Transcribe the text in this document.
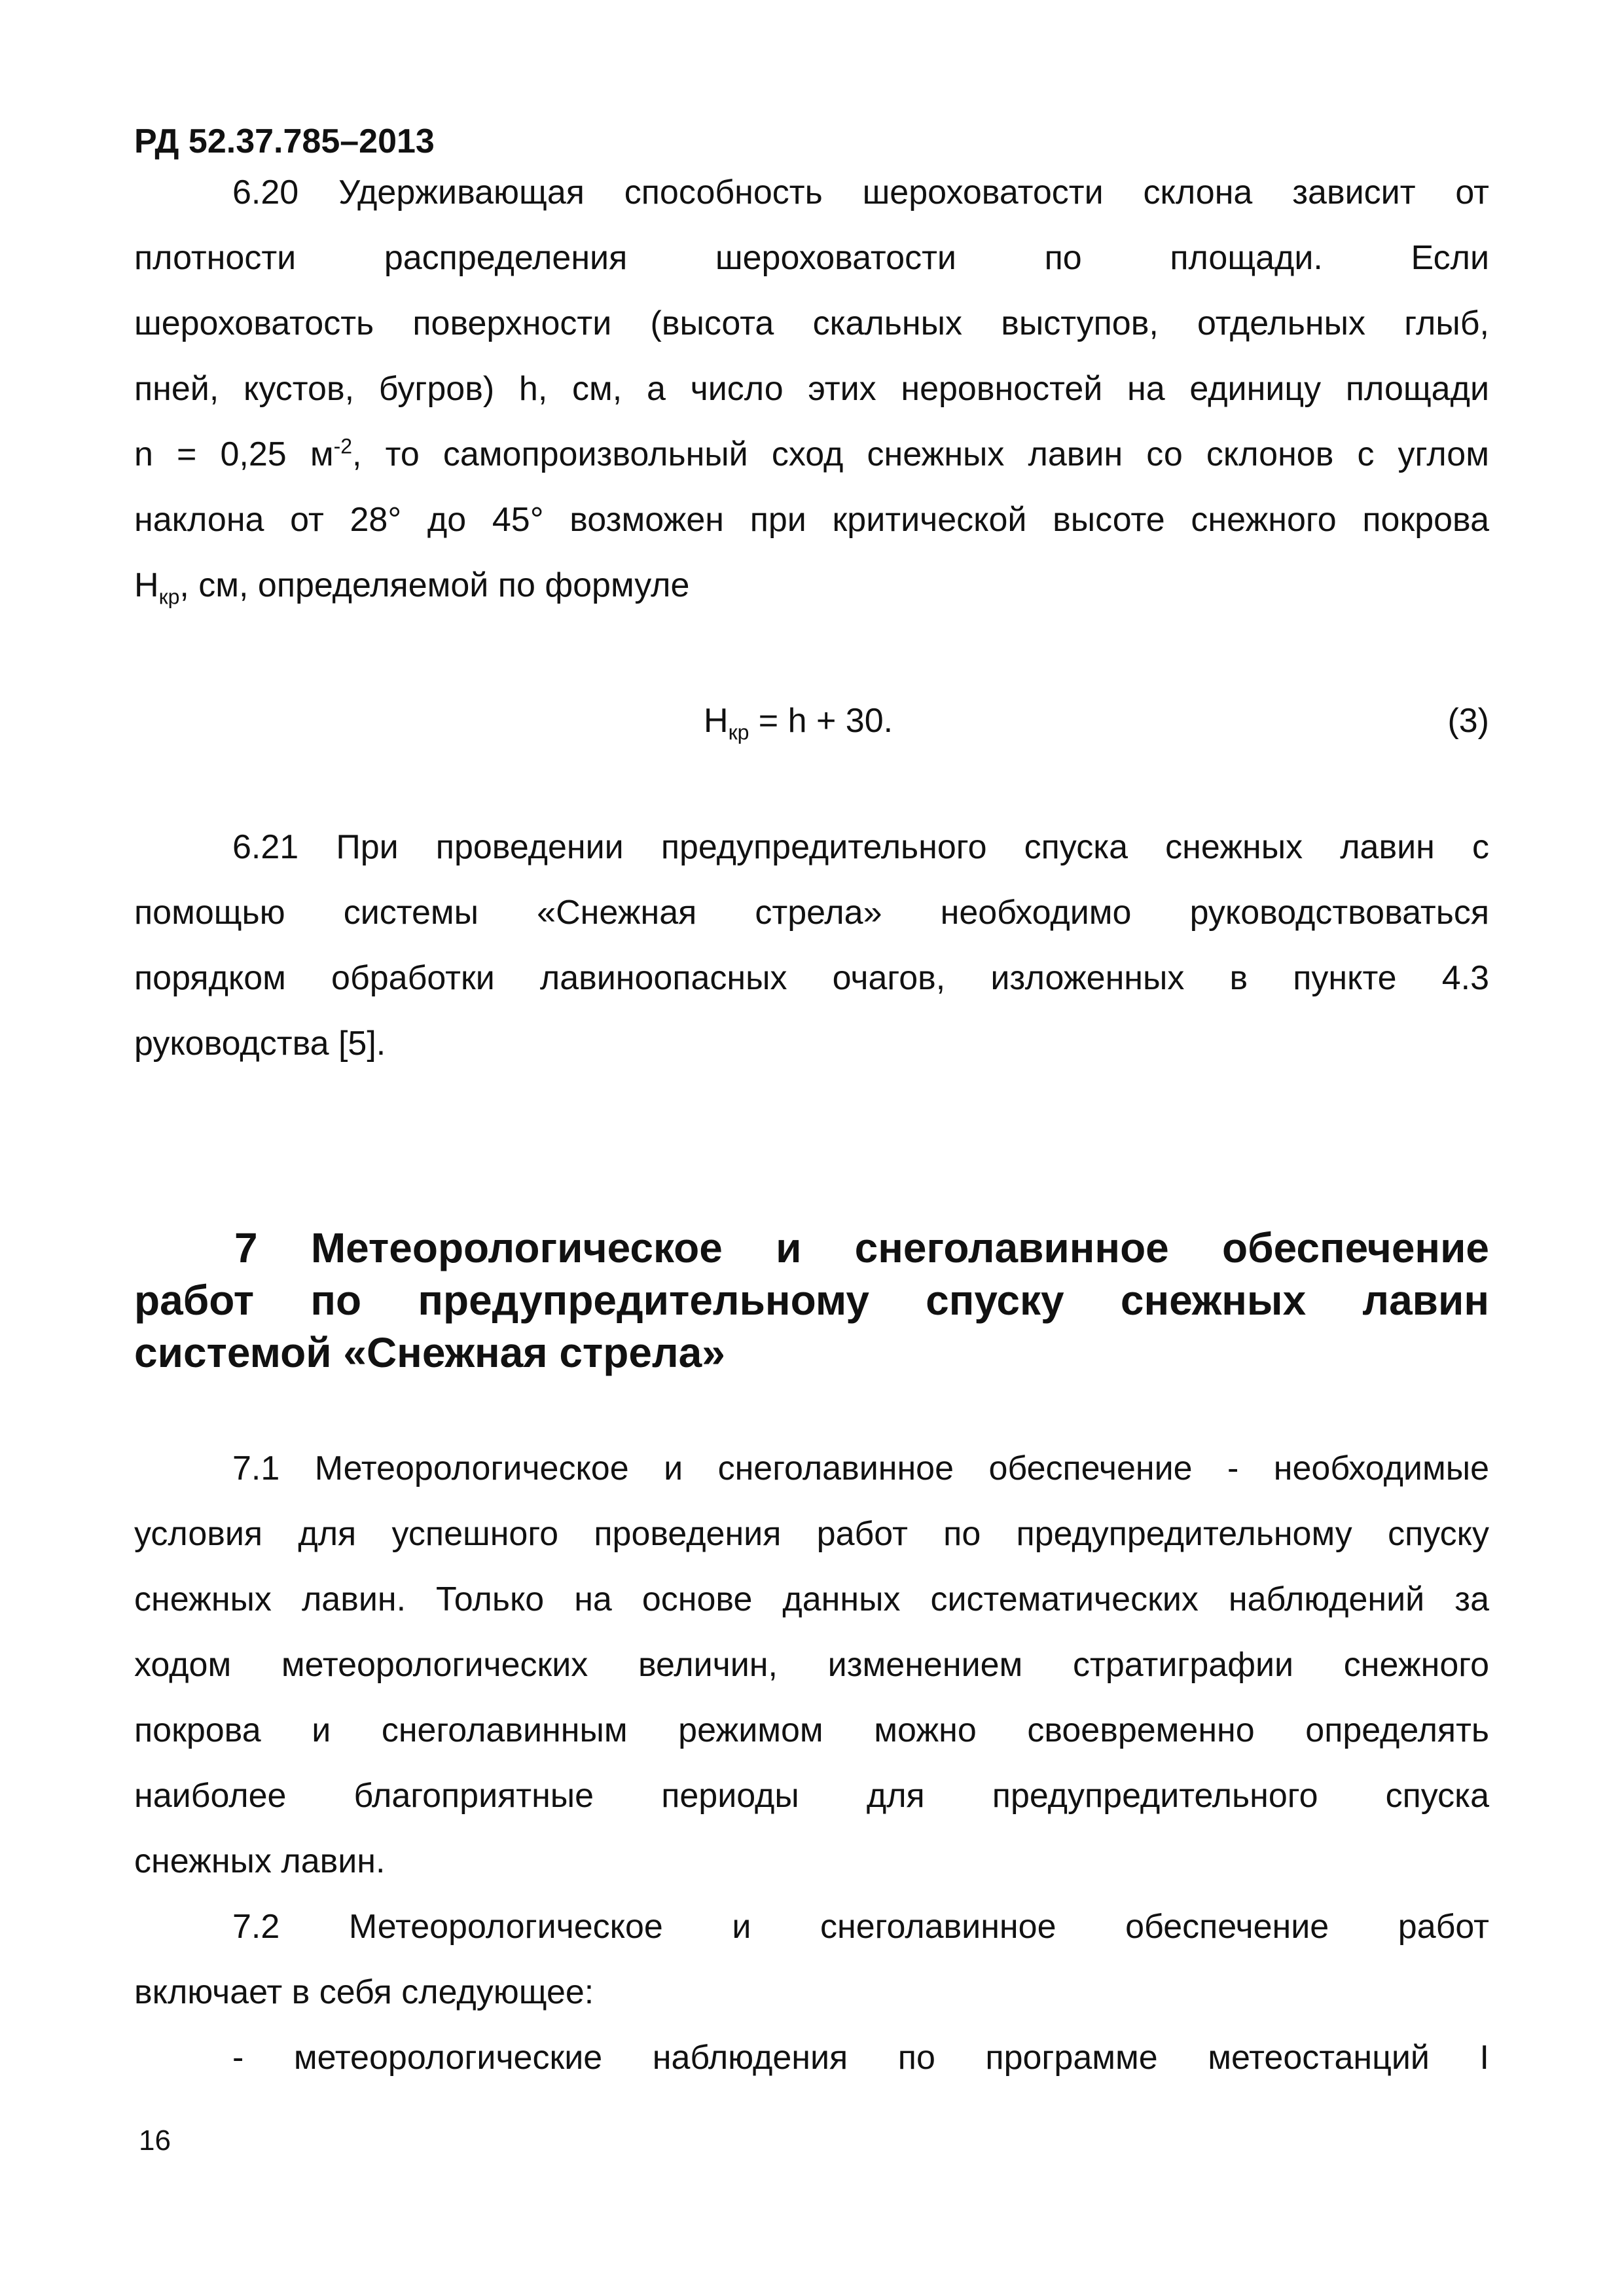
РД 52.37.785–2013
6.20 Удерживающая способность шероховатости склона зависит от
плотности распределения шероховатости по площади. Если
шероховатость поверхности (высота скальных выступов, отдельных глыб,
пней, кустов, бугров) h, см, а число этих неровностей на единицу площади
n = 0,25 $м^{-2}$, то самопроизвольный сход снежных лавин со склонов с углом
наклона от 28° до 45° возможен при критической высоте снежного покрова
$H_{кр}$, см, определяемой по формуле
$H_{кр} = h + 30$.	(3)
6.21 При проведении предупредительного спуска снежных лавин с
помощью системы «Снежная стрела» необходимо руководствоваться
порядком обработки лавиноопасных очагов, изложенных в пункте 4.3
руководства [5].
7 Метеорологическое и снеголавинное обеспечение
работ по предупредительному спуску снежных лавин
системой «Снежная стрела»
7.1 Метеорологическое и снеголавинное обеспечение - необходимые
условия для успешного проведения работ по предупредительному спуску
снежных лавин. Только на основе данных систематических наблюдений за
ходом метеорологических величин, изменением стратиграфии снежного
покрова и снеголавинным режимом можно своевременно определять
наиболее благоприятные периоды для предупредительного спуска
снежных лавин.
7.2 Метеорологическое и снеголавинное обеспечение работ
включает в себя следующее:
- метеорологические наблюдения по программе метеостанций I
16
